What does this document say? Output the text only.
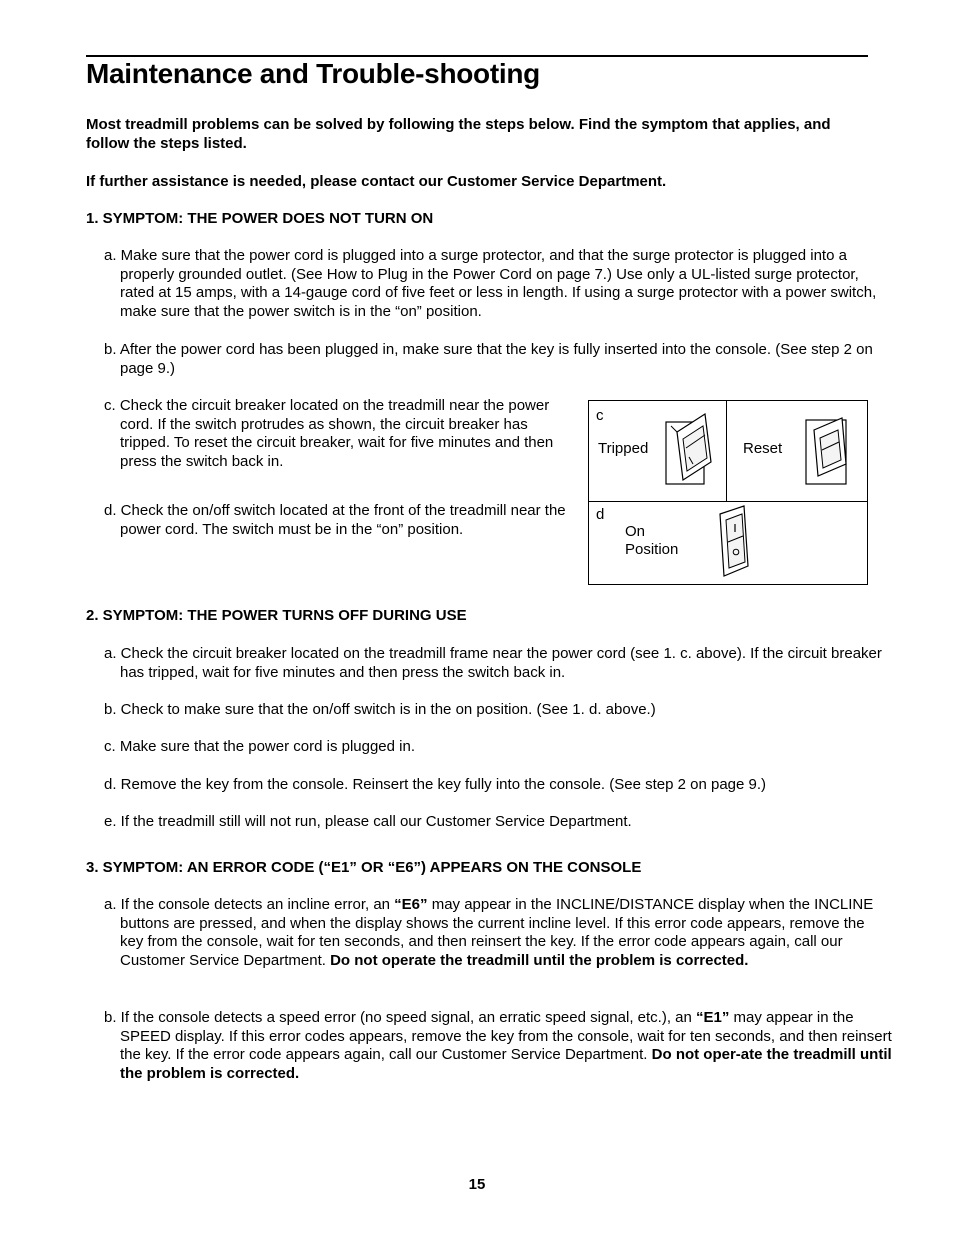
Maintenance and Trouble-shooting

Most treadmill problems can be solved by following the steps below. Find the symptom that applies, and follow the steps listed.

If further assistance is needed, please contact our Customer Service Department.

1. SYMPTOM: THE POWER DOES NOT TURN ON

a. Make sure that the power cord is plugged into a surge protector, and that the surge protector is plugged into a properly grounded outlet. (See How to Plug in the Power Cord on page 7.) Use only a UL-listed surge protector, rated at 15 amps, with a 14-gauge cord of five feet or less in length. If using a surge protector with a power switch, make sure that the power switch is in the “on” position.

b. After the power cord has been plugged in, make sure that the key is fully inserted into the console. (See step 2 on page 9.)

c. Check the circuit breaker located on the treadmill near the power cord. If the switch protrudes as shown, the circuit breaker has tripped. To reset the circuit breaker, wait for five minutes and then press the switch back in.

d. Check the on/off switch located at the front of the treadmill near the power cord. The switch must be in the “on” position.

c
Tripped	Reset
d
On
Position

2. SYMPTOM: THE POWER TURNS OFF DURING USE

a. Check the circuit breaker located on the treadmill frame near the power cord (see 1. c. above). If the circuit breaker has tripped, wait for five minutes and then press the switch back in.

b. Check to make sure that the on/off switch is in the on position. (See 1. d. above.)

c. Make sure that the power cord is plugged in.

d. Remove the key from the console. Reinsert the key fully into the console. (See step 2 on page 9.)

e. If the treadmill still will not run, please call our Customer Service Department.

3. SYMPTOM: AN ERROR CODE (“E1” OR “E6”) APPEARS ON THE CONSOLE

a. If the console detects an incline error, an “E6” may appear in the INCLINE/DISTANCE display when the INCLINE buttons are pressed, and when the display shows the current incline level. If this error code appears, remove the key from the console, wait for ten seconds, and then reinsert the key. If the error code appears again, call our Customer Service Department. Do not operate the treadmill until the problem is corrected.

b. If the console detects a speed error (no speed signal, an erratic speed signal, etc.), an “E1” may appear in the SPEED display. If this error codes appears, remove the key from the console, wait for ten seconds, and then reinsert the key. If the error code appears again, call our Customer Service Department. Do not oper-ate the treadmill until the problem is corrected.

15
